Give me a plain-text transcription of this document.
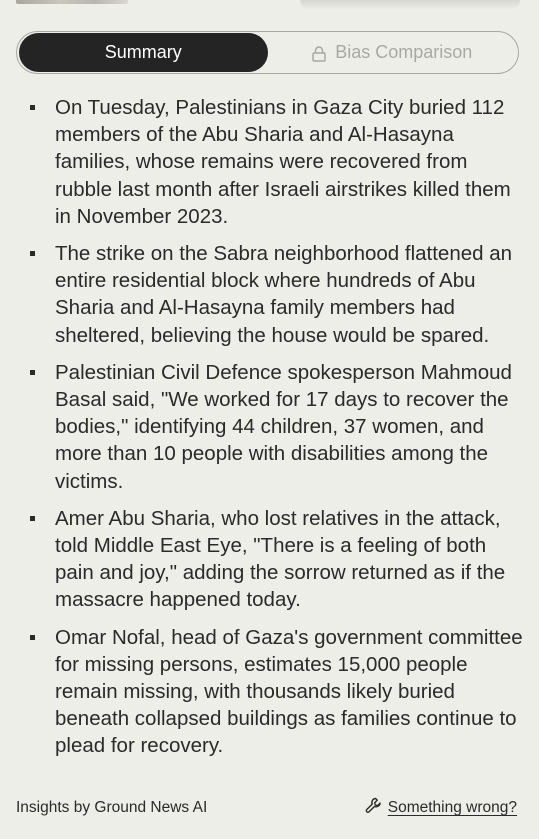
Summary	Bias Comparison
On Tuesday, Palestinians in Gaza City buried 112 members of the Abu Sharia and Al-Hasayna families, whose remains were recovered from rubble last month after Israeli airstrikes killed them in November 2023.
The strike on the Sabra neighborhood flattened an entire residential block where hundreds of Abu Sharia and Al-Hasayna family members had sheltered, believing the house would be spared.
Palestinian Civil Defence spokesperson Mahmoud Basal said, "We worked for 17 days to recover the bodies," identifying 44 children, 37 women, and more than 10 people with disabilities among the victims.
Amer Abu Sharia, who lost relatives in the attack, told Middle East Eye, "There is a feeling of both pain and joy," adding the sorrow returned as if the massacre happened today.
Omar Nofal, head of Gaza's government committee for missing persons, estimates 15,000 people remain missing, with thousands likely buried beneath collapsed buildings as families continue to plead for recovery.
Insights by Ground News AI	Something wrong?
